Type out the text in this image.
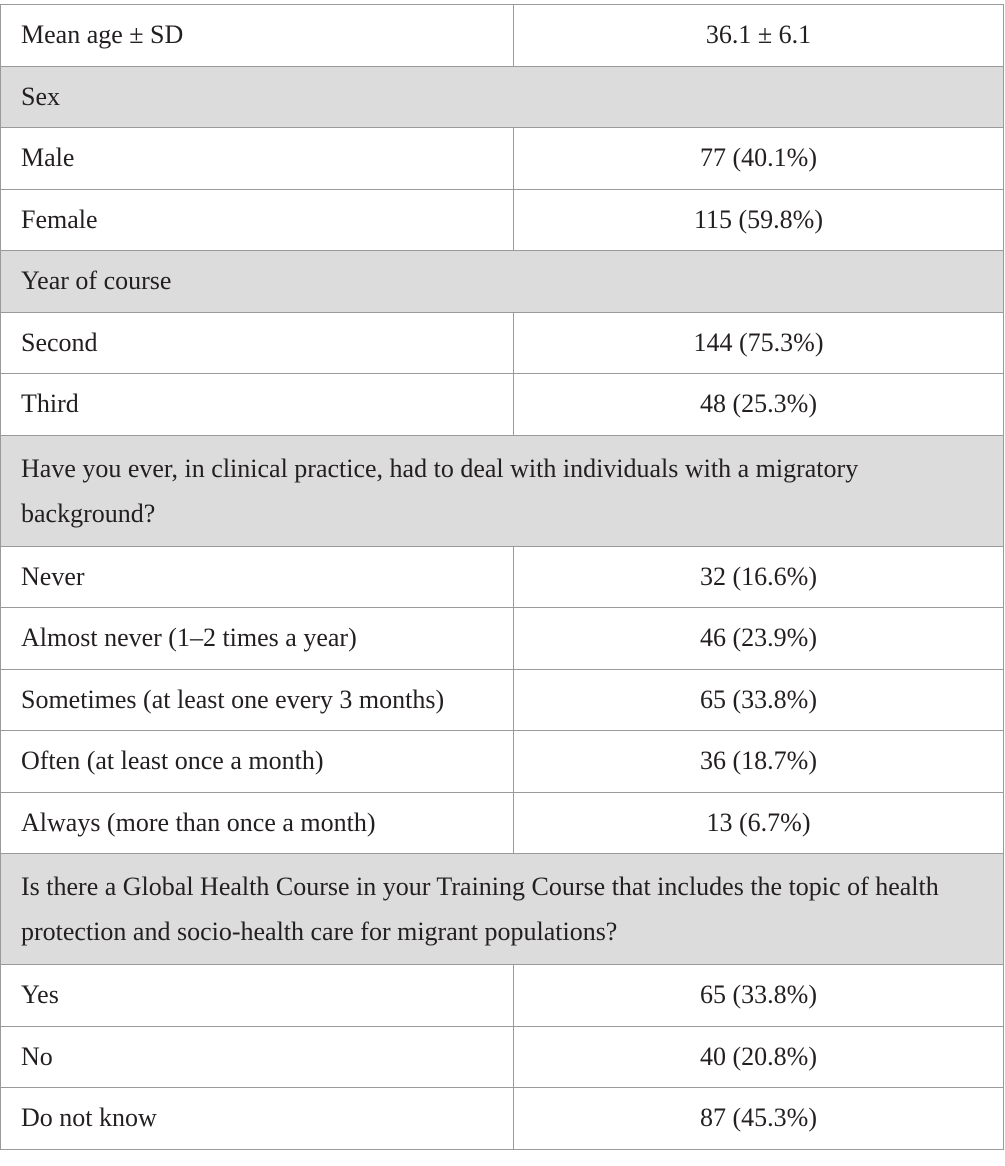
Mean age ± SD	36.1 ± 6.1
Sex	
Male	77 (40.1%)
Female	115 (59.8%)
Year of course	
Second	144 (75.3%)
Third	48 (25.3%)
Have you ever, in clinical practice, had to deal with individuals with a migratory background?	
Never	32 (16.6%)
Almost never (1–2 times a year)	46 (23.9%)
Sometimes (at least one every 3 months)	65 (33.8%)
Often (at least once a month)	36 (18.7%)
Always (more than once a month)	13 (6.7%)
Is there a Global Health Course in your Training Course that includes the topic of health protection and socio-health care for migrant populations?	
Yes	65 (33.8%)
No	40 (20.8%)
Do not know	87 (45.3%)
